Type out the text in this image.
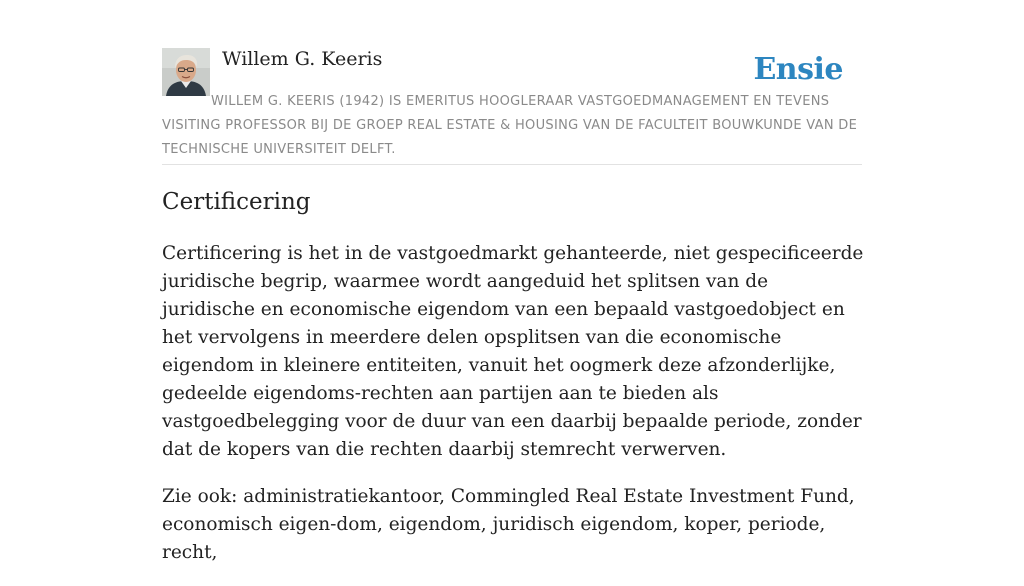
Willem G. Keeris	Ensie
WILLEM G. KEERIS (1942) IS EMERITUS HOOGLERAAR VASTGOEDMANAGEMENT EN TEVENS VISITING PROFESSOR BIJ DE GROEP REAL ESTATE & HOUSING VAN DE FACULTEIT BOUWKUNDE VAN DE TECHNISCHE UNIVERSITEIT DELFT.
Certificering

Certificering is het in de vastgoedmarkt gehanteerde, niet gespecificeerde juridische begrip, waarmee wordt aangeduid het splitsen van de juridische en economische eigendom van een bepaald vastgoedobject en het vervolgens in meerdere delen opsplitsen van die economische eigendom in kleinere entiteiten, vanuit het oogmerk deze afzonderlijke, gedeelde eigendoms-rechten aan partijen aan te bieden als vastgoedbelegging voor de duur van een daarbij bepaalde periode, zonder dat de kopers van die rechten daarbij stemrecht verwerven.

Zie ook: administratiekantoor, Commingled Real Estate Investment Fund, economisch eigen-dom, eigendom, juridisch eigendom, koper, periode, recht,
